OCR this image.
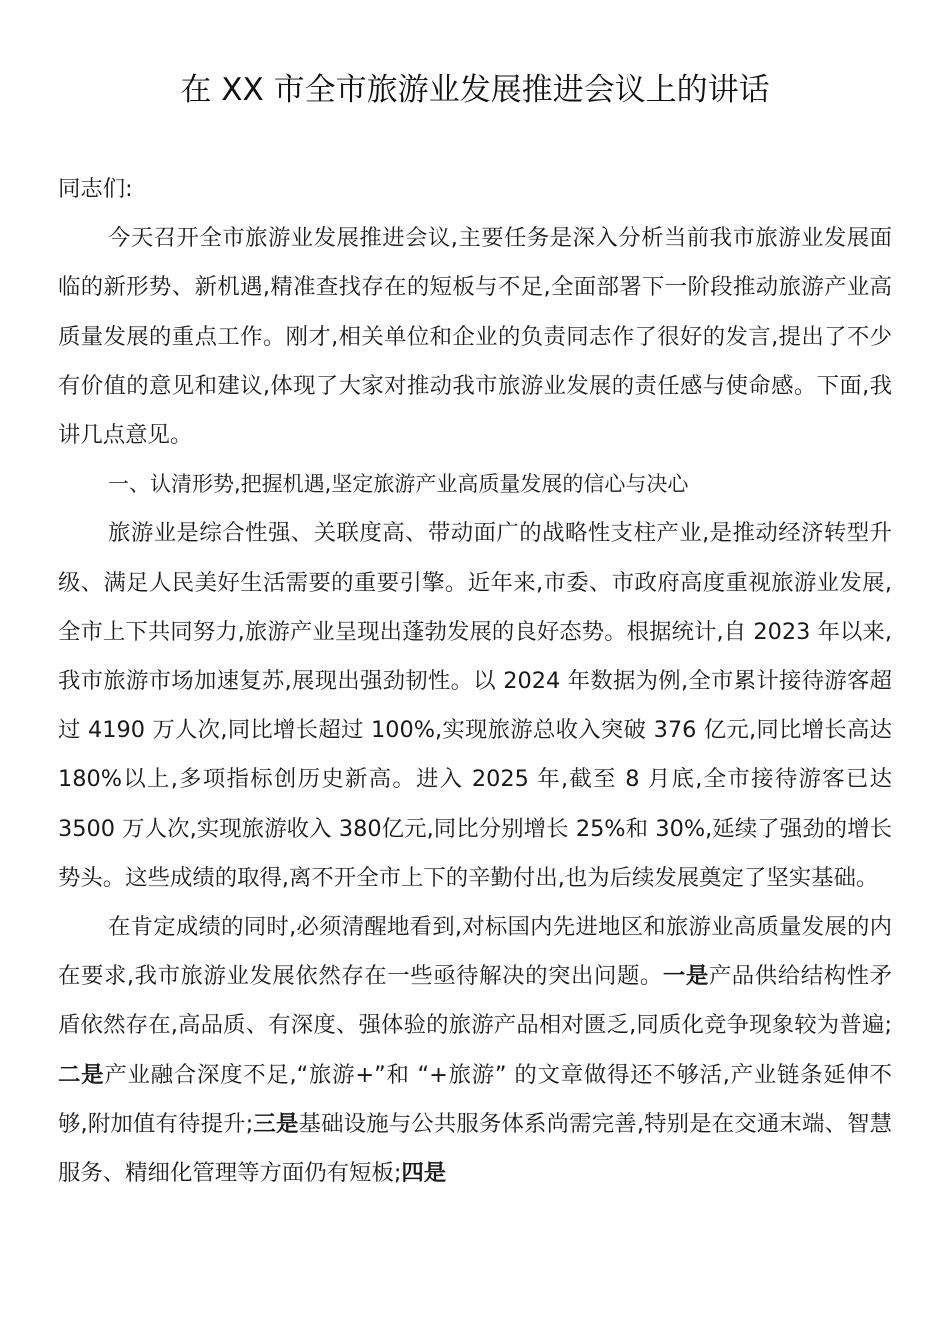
在 XX 市全市旅游业发展推进会议上的讲话

同志们:

今天召开全市旅游业发展推进会议,主要任务是深入分析当前我市旅游业发展面临的新形势、新机遇,精准查找存在的短板与不足,全面部署下一阶段推动旅游产业高质量发展的重点工作。刚才,相关单位和企业的负责同志作了很好的发言,提出了不少有价值的意见和建议,体现了大家对推动我市旅游业发展的责任感与使命感。下面,我讲几点意见。

一、认清形势,把握机遇,坚定旅游产业高质量发展的信心与决心

旅游业是综合性强、关联度高、带动面广的战略性支柱产业,是推动经济转型升级、满足人民美好生活需要的重要引擎。近年来,市委、市政府高度重视旅游业发展,全市上下共同努力,旅游产业呈现出蓬勃发展的良好态势。根据统计,自 2023 年以来,我市旅游市场加速复苏,展现出强劲韧性。以 2024 年数据为例,全市累计接待游客超过 4190 万人次,同比增长超过 100%,实现旅游总收入突破 376 亿元,同比增长高达 180%以上,多项指标创历史新高。进入 2025 年,截至 8 月底,全市接待游客已达 3500 万人次,实现旅游收入 380亿元,同比分别增长 25%和 30%,延续了强劲的增长势头。这些成绩的取得,离不开全市上下的辛勤付出,也为后续发展奠定了坚实基础。

在肯定成绩的同时,必须清醒地看到,对标国内先进地区和旅游业高质量发展的内在要求,我市旅游业发展依然存在一些亟待解决的突出问题。一是产品供给结构性矛盾依然存在,高品质、有深度、强体验的旅游产品相对匮乏,同质化竞争现象较为普遍;二是产业融合深度不足,“旅游+”和 “+旅游” 的文章做得还不够活,产业链条延伸不够,附加值有待提升;三是基础设施与公共服务体系尚需完善,特别是在交通末端、智慧服务、精细化管理等方面仍有短板;四是
